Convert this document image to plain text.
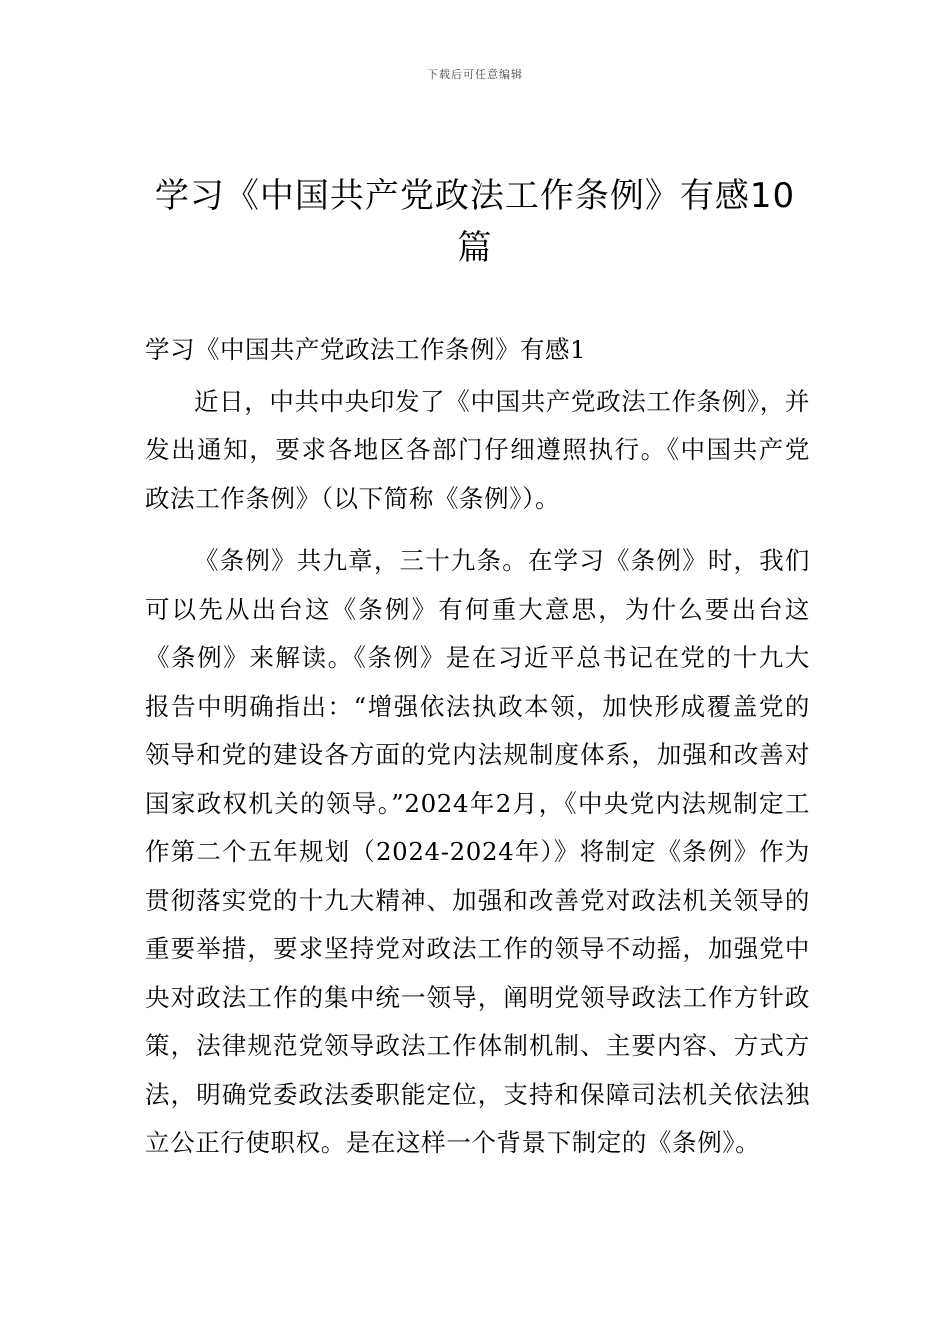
下载后可任意编辑
学习《中国共产党政法工作条例》有感10篇

学习《中国共产党政法工作条例》有感1

近日，中共中央印发了《中国共产党政法工作条例》，并发出通知，要求各地区各部门仔细遵照执行。《中国共产党政法工作条例》（以下简称《条例》）。

《条例》共九章，三十九条。在学习《条例》时，我们可以先从出台这《条例》有何重大意思，为什么要出台这《条例》来解读。《条例》是在习近平总书记在党的十九大报告中明确指出：“增强依法执政本领，加快形成覆盖党的领导和党的建设各方面的党内法规制度体系，加强和改善对国家政权机关的领导。”2024年2月，《中央党内法规制定工作第二个五年规划（2024-2024年）》将制定《条例》作为贯彻落实党的十九大精神、加强和改善党对政法机关领导的重要举措，要求坚持党对政法工作的领导不动摇，加强党中央对政法工作的集中统一领导，阐明党领导政法工作方针政策，法律规范党领导政法工作体制机制、主要内容、方式方法，明确党委政法委职能定位，支持和保障司法机关依法独立公正行使职权。是在这样一个背景下制定的《条例》。
